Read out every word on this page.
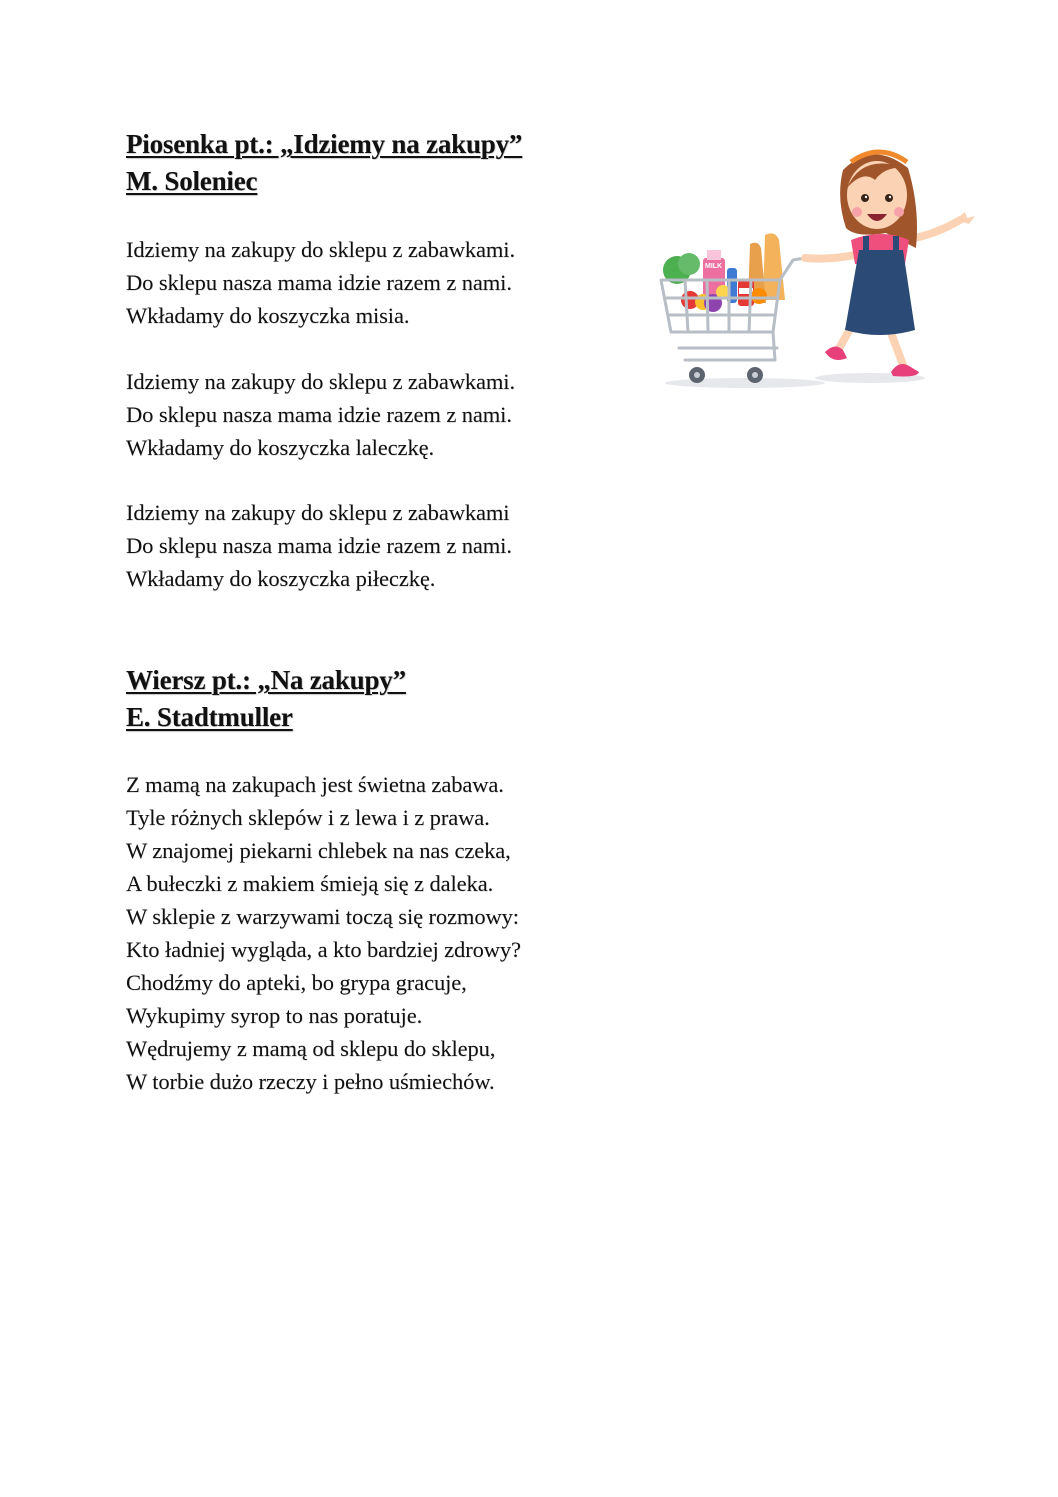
Piosenka pt.: „Idziemy na zakupy”
M. Soleniec
Idziemy na zakupy do sklepu z zabawkami.
Do sklepu nasza mama idzie razem z nami.
Wkładamy do koszyczka misia.
Idziemy na zakupy do sklepu z zabawkami.
Do sklepu nasza mama idzie razem z nami.
Wkładamy do koszyczka laleczkę.
Idziemy na zakupy do sklepu z zabawkami
Do sklepu nasza mama idzie razem z nami.
Wkładamy do koszyczka piłeczkę.
Wiersz pt.: „Na zakupy”
E. Stadtmuller
Z mamą na zakupach jest świetna zabawa.
Tyle różnych sklepów i z lewa i z prawa.
W znajomej piekarni chlebek na nas czeka,
A bułeczki z makiem śmieją się z daleka.
W sklepie z warzywami toczą się rozmowy:
Kto ładniej wygląda, a kto bardziej zdrowy?
Chodźmy do apteki, bo grypa gracuje,
Wykupimy syrop to nas poratuje.
Wędrujemy z mamą od sklepu do sklepu,
W torbie dużo rzeczy i pełno uśmiechów.
MILK
